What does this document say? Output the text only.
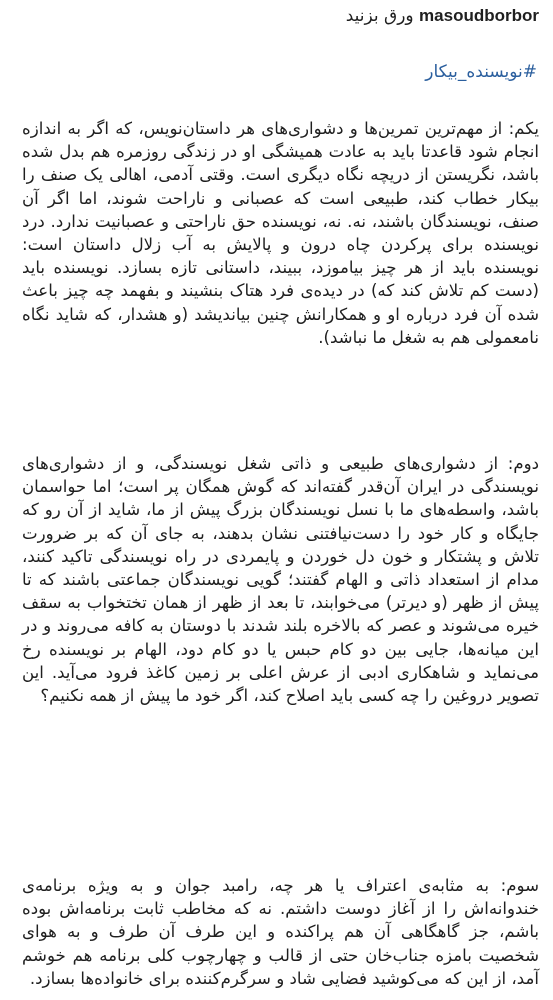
masoudborbor ورق بزنید
#نویسنده_بیکار

یکم: از مهم‌ترین تمرین‌ها و دشواری‌های هر داستان‌نویس، که اگر به اندازه انجام شود قاعدتا باید به عادت همیشگی او در زندگی روزمره هم بدل شده باشد، نگریستن از دریچه نگاه دیگری است. وقتی آدمی، اهالی یک صنف را بیکار خطاب کند، طبیعی است که عصبانی و ناراحت شوند، اما اگر آن صنف، نویسندگان باشند، نه. نه، نویسنده حق ناراحتی و عصبانیت ندارد. درد نویسنده برای پرکردن چاه درون و پالایش به آب زلال داستان است: نویسنده باید از هر چیز بیاموزد، ببیند، داستانی تازه بسازد. نویسنده باید (دست کم تلاش کند که) در دیده‌ی فرد هتاک بنشیند و بفهمد چه چیز باعث شده آن فرد درباره او و همکارانش چنین بیاندیشد (و هشدار، که شاید نگاه نامعمولی هم به شغل ما نباشد).

دوم: از دشواری‌های طبیعی و ذاتی شغل نویسندگی، و از دشواری‌های نویسندگی در ایران آن‌قدر گفته‌اند که گوش همگان پر است؛ اما حواسمان باشد، واسطه‌های ما با نسل نویسندگان بزرگ پیش از ما، شاید از آن رو که جایگاه و کار خود را دست‌نیافتنی نشان بدهند، به جای آن که بر ضرورت تلاش و پشتکار و خون دل خوردن و پایمردی در راه نویسندگی تاکید کنند، مدام از استعداد ذاتی و الهام گفتند؛ گویی نویسندگان جماعتی باشند که تا پیش از ظهر (و دیرتر) می‌خوابند، تا بعد از ظهر از همان تختخواب به سقف خیره می‌شوند و عصر که بالاخره بلند شدند با دوستان به کافه می‌روند و در این میانه‌ها، جایی بین دو کام حبس یا دو کام دود، الهام بر نویسنده رخ می‌نماید و شاهکاری ادبی از عرش اعلی بر زمین کاغذ فرود می‌آید. این تصویر دروغین را چه کسی باید اصلاح کند، اگر خود ما پیش از همه نکنیم؟

سوم: به مثابه‌ی اعتراف یا هر چه، رامبد جوان و به ویژه برنامه‌ی خندوانه‌اش را از آغاز دوست داشتم. نه که مخاطب ثابت برنامه‌اش بوده باشم، جز گاهگاهی آن هم پراکنده و این طرف آن طرف و به هوای شخصیت بامزه جناب‌خان حتی از قالب و چهارچوب کلی برنامه هم خوشم آمد، از این که می‌کوشید فضایی شاد و سرگرم‌کننده برای خانواده‌ها بسازد.
